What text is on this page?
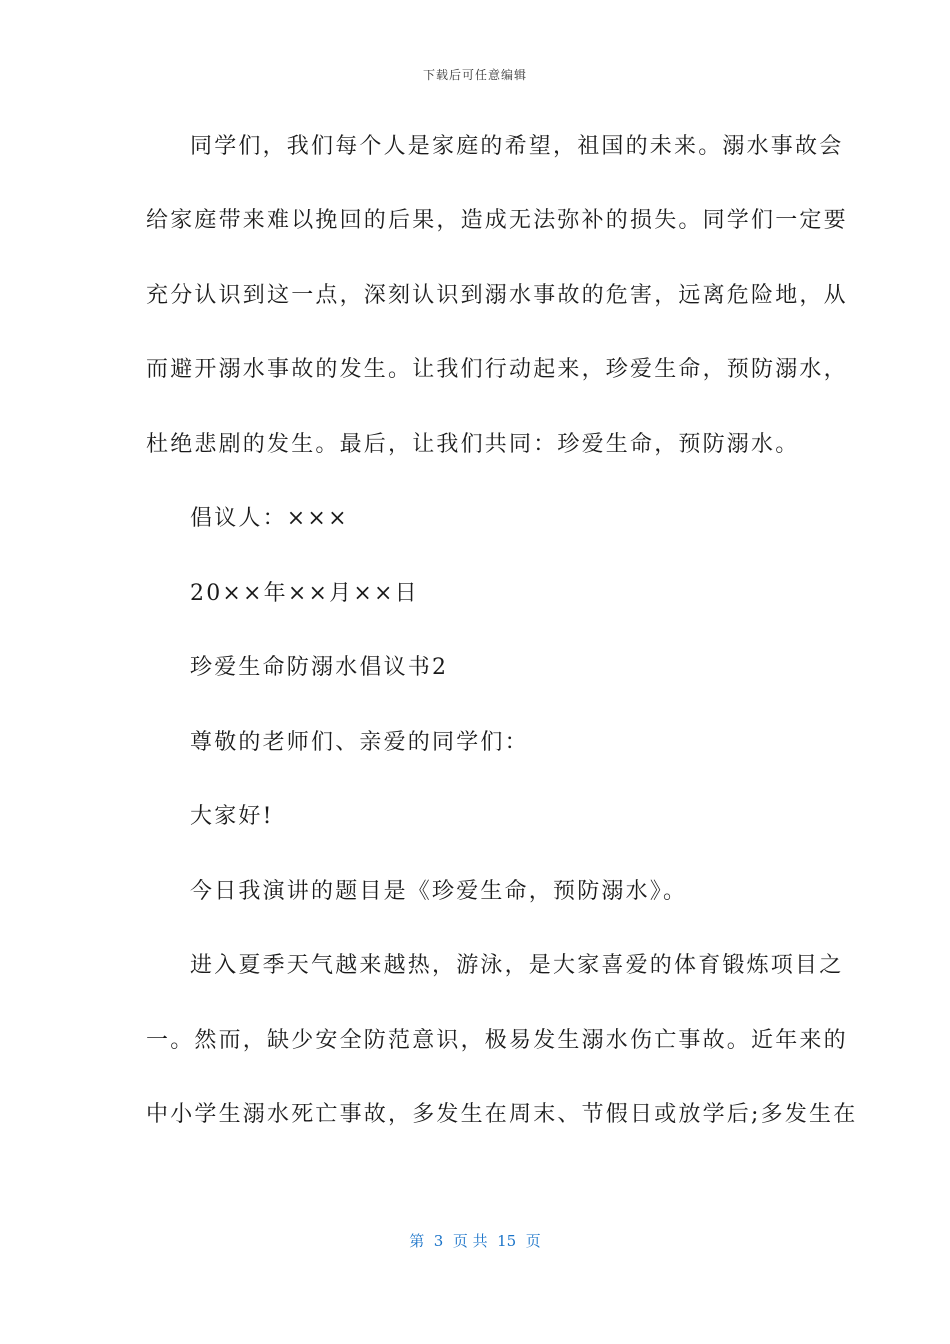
下载后可任意编辑
同学们，我们每个人是家庭的希望，祖国的未来。溺水事故会
给家庭带来难以挽回的后果，造成无法弥补的损失。同学们一定要
充分认识到这一点，深刻认识到溺水事故的危害，远离危险地，从
而避开溺水事故的发生。让我们行动起来，珍爱生命，预防溺水，
杜绝悲剧的发生。最后，让我们共同：珍爱生命，预防溺水。
倡议人：×××
20××年××月××日
珍爱生命防溺水倡议书2
尊敬的老师们、亲爱的同学们：
大家好!
今日我演讲的题目是《珍爱生命，预防溺水》。
进入夏季天气越来越热，游泳，是大家喜爱的体育锻炼项目之
一。然而，缺少安全防范意识，极易发生溺水伤亡事故。近年来的
中小学生溺水死亡事故，多发生在周末、节假日或放学后;多发生在
第  3  页 共  15  页
